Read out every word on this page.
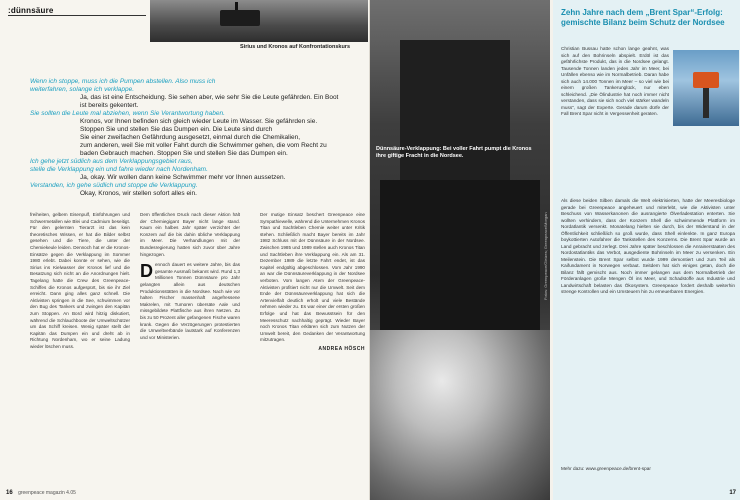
:dünnsäure
Sirius und Kronos auf Konfrontationskurs
Wenn ich stoppe, muss ich die Pumpen abstellen. Also muss ich
weiterfahren, solange ich verklappe.
Ja, das ist eine Entscheidung. Sie sehen aber, wie sehr Sie die Leute gefährden. Ein Boot
ist bereits gekentert.
Sie sollten die Leute mal abziehen, wenn Sie Verantwortung haben.
Kronos, vor Ihnen befinden sich gleich wieder Leute im Wasser. Sie gefährden sie.
Stoppen Sie und stellen Sie das Dumpen ein. Die Leute sind durch
Sie einer zweifachen Gefährdung ausgesetzt, einmal durch die Chemikalien,
zum anderen, weil Sie mit voller Fahrt durch die Schwimmer gehen, die vom Recht zu
baden Gebrauch machen. Stoppen Sie und stellen Sie das Dumpen ein.
Ich gehe jetzt südlich aus dem Verklappungsgebiet raus,
stelle die Verklappung ein und fahre wieder nach Nordenham.
Ja, okay. Wir wollen dann keine Schwimmer mehr vor Ihnen aussetzen.
Verstanden, ich gehe südlich und stoppe die Verklappung.
Okay, Kronos, wir stellen sofort alles ein.

freiheiten, gelbem Eisenpulf, Einführungen und Schwermetallen wie Blei und Cadmium beseitigt. Für den gelernten Tierarzt ist das kein theoretisches Wissen, er hat die Bilder selbst gesehen und die Tiere, die unter der Chemiekeule leiden. Dennoch hat er die Kronos-Einsätze gegen die Verklappung im Sommer 1980 erlebt. Dabei konnte er sehen, wie die Sirius ins Kielwasser der Kronos lief und die Besatzung sich nicht an die Anordnungen hielt. Tagelang hatte die Crew des Greenpeace-Schiffes die Kronos aufgespürt, bis sie ihr Ziel erreicht. Dann ging alles ganz schnell. Die Aktivisten springen in die See, schwimmen vor den Bug des Tankers und zwingen den Kapitän zum Stoppen. An Bord wird hitzig diskutiert, während die Schlauchboote der Umweltschützer um das Schiff kreisen. Wenig später stellt der Kapitän das Dumpen ein und dreht ab in Richtung Nordenham, wo er seine Ladung wieder löschen muss.

Dem öffentlichen Druck nach dieser Aktion hält der Chemiegigant Bayer nicht lange stand. Kaum ein halbes Jahr später verzichtet der Konzern auf die bis dahin übliche Verklappung im Meer. Die Verhandlungen mit der Bundesregierung hatten sich zuvor über Jahre hingezogen.

Dennoch dauert es weitere Jahre, bis das gesamte Ausmaß bekannt wird. Rund 1,3 Millionen Tonnen Dünnsäure pro Jahr gelangten allein aus deutschen Produktionsstätten in die Nordsee. Nach wie vor halten Fischer massenhaft angefressene Makrelen, mit Tumoren übersäte Aale und missgebildete Plattfische aus ihren Netzen. Zu bis zu 50 Prozent aller gefangenen Fische waren krank. Gegen die Verzögerungen protestierten die Umweltverbände lautstark auf Konferenzen und vor Ministerien.

Der mutige Einsatz beschert Greenpeace eine Sympathiewelle, während die Unternehmen Kronos Titan und Sachtleben Chemie weiter unter Kritik stehen. Schließlich macht Bayer bereits im Jahr 1982 Schluss mit der Dünnsäure in der Nordsee. Zwischen 1985 und 1989 stellen auch Kronos Titan und Sachtleben ihre Verklappung ein. Als am 31. Dezember 1989 die letzte Fahrt endet, ist das Kapitel endgültig abgeschlossen. Vom Jahr 1990 an war die Dünnsäureverklappung in der Nordsee verboten. Vom langen Atem der Greenpeace-Aktivisten profitiert nicht nur die Umwelt. Seit dem Ende der Dünnsäureverklappung hat sich die Artenvielfalt deutlich erholt und viele Bestände nehmen wieder zu. Es war einer der ersten großen Erfolge und hat das Bewusstsein für den Meeresschutz nachhaltig geprägt. Wieder Bayer noch Kronos Titan erklären sich zum Nutzen der Umwelt bereit, den Gedanken der Verantwortung mitzutragen.

ANDREA HÖSCH
16 greenpeace magazin 4.05
Dünnsäure-Verklappung: Bei voller Fahrt pumpt die Kronos ihre giftige Fracht in die Nordsee.
Fotos: Greenpeace/Gleizes; Greenpeace/Morgan
Zehn Jahre nach dem „Brent Spar“-Erfolg: gemischte Bilanz beim Schutz der Nordsee

Christian Bussau hatte schon lange geahnt, was sich auf den Bohrinseln abspielt. Erdöl ist das gefährlichste Produkt, das in die Nordsee gelangt. Tausende Tonnen landen jedes Jahr im Meer, bei Unfällen ebenso wie im Normalbetrieb. Daran habe sich auch 14.000 Tonnen im Meer – so viel wie bei einem großen Tankerunglück, nur eben schleichend. „Die Ölindustrie hat noch immer nicht verstanden, dass sie sich noch viel stärker wandeln muss“, sagt der Experte. Gerade darum dürfe der Fall Brent Spar nicht in Vergessenheit geraten.

Als diese beiden Silben damals die Welt elektrisierten, hatte der Meeresbiologe gerade bei Greenpeace angeheuert und miterlebt, wie die Aktivisten unter Beschuss von Wasserkanonen die ausrangierte Ölverladestation enterten. Sie wollten verhindern, dass der Konzern Shell die schwimmende Plattform im Nordatlantik versenkt. Monatelang hielten sie durch, bis der Widerstand in der Öffentlichkeit schließlich so groß wurde, dass Shell einlenkte. In ganz Europa boykottierten Autofahrer die Tankstellen des Konzerns. Die Brent Spar wurde an Land gebracht und zerlegt. Drei Jahre später beschlossen die Anrainerstaaten des Nordostatlantiks das Verbot, ausgediente Bohrinseln im Meer zu versenken. Ein Meilenstein. Die Brent Spar selbst wurde 1999 demontiert und zum Teil als Kaifundament in Norwegen verbaut. Seitdem hat sich einiges getan, doch die Bilanz fällt gemischt aus. Noch immer gelangen aus dem Normalbetrieb der Förderanlagen große Mengen Öl ins Meer, und Schadstoffe aus Industrie und Landwirtschaft belasten das Ökosystem. Greenpeace fordert deshalb weiterhin strenge Kontrollen und ein Umsteuern hin zu erneuerbaren Energien.

Mehr dazu: www.greenpeace.de/brent-spar
17
